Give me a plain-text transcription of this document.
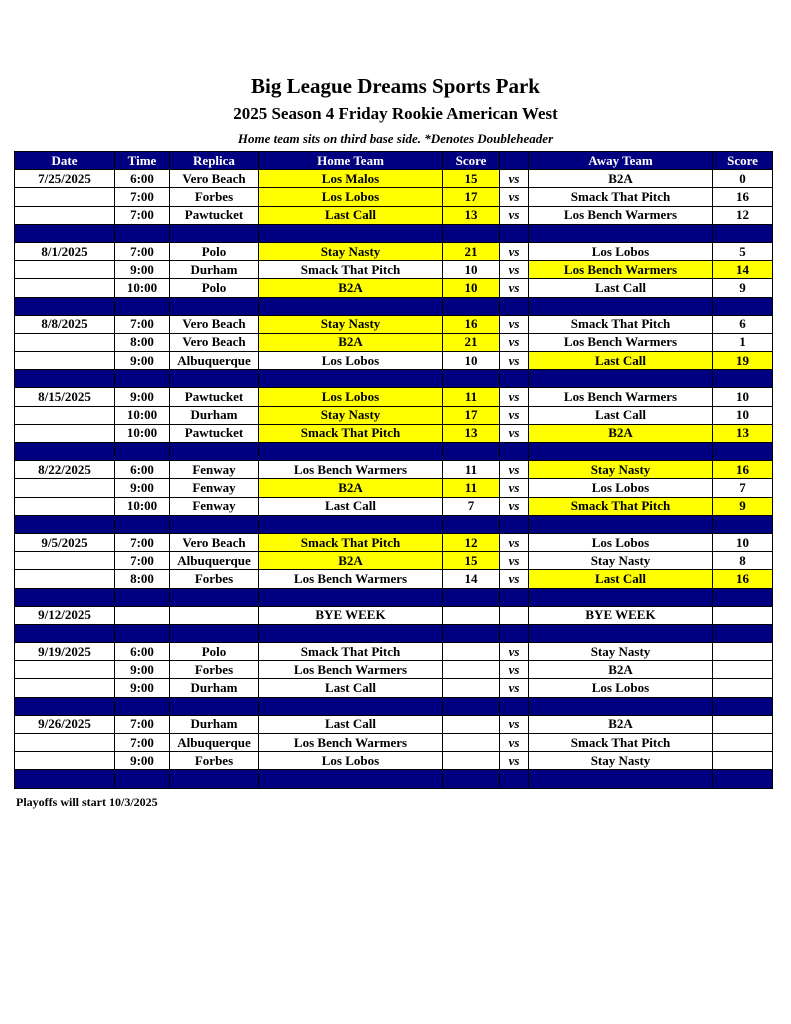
Big League Dreams Sports Park
2025 Season 4 Friday Rookie American West
Home team sits on third base side. *Denotes Doubleheader
Date	Time	Replica	Home Team	Score		Away Team	Score
7/25/2025	6:00	Vero Beach	Los Malos	15	vs	B2A	0
	7:00	Forbes	Los Lobos	17	vs	Smack That Pitch	16
	7:00	Pawtucket	Last Call	13	vs	Los Bench Warmers	12

8/1/2025	7:00	Polo	Stay Nasty	21	vs	Los Lobos	5
	9:00	Durham	Smack That Pitch	10	vs	Los Bench Warmers	14
	10:00	Polo	B2A	10	vs	Last Call	9

8/8/2025	7:00	Vero Beach	Stay Nasty	16	vs	Smack That Pitch	6
	8:00	Vero Beach	B2A	21	vs	Los Bench Warmers	1
	9:00	Albuquerque	Los Lobos	10	vs	Last Call	19

8/15/2025	9:00	Pawtucket	Los Lobos	11	vs	Los Bench Warmers	10
	10:00	Durham	Stay Nasty	17	vs	Last Call	10
	10:00	Pawtucket	Smack That Pitch	13	vs	B2A	13

8/22/2025	6:00	Fenway	Los Bench Warmers	11	vs	Stay Nasty	16
	9:00	Fenway	B2A	11	vs	Los Lobos	7
	10:00	Fenway	Last Call	7	vs	Smack That Pitch	9

9/5/2025	7:00	Vero Beach	Smack That Pitch	12	vs	Los Lobos	10
	7:00	Albuquerque	B2A	15	vs	Stay Nasty	8
	8:00	Forbes	Los Bench Warmers	14	vs	Last Call	16

9/12/2025			BYE WEEK			BYE WEEK	

9/19/2025	6:00	Polo	Smack That Pitch		vs	Stay Nasty	
	9:00	Forbes	Los Bench Warmers		vs	B2A	
	9:00	Durham	Last Call		vs	Los Lobos	

9/26/2025	7:00	Durham	Last Call		vs	B2A	
	7:00	Albuquerque	Los Bench Warmers		vs	Smack That Pitch	
	9:00	Forbes	Los Lobos		vs	Stay Nasty	

Playoffs will start 10/3/2025
